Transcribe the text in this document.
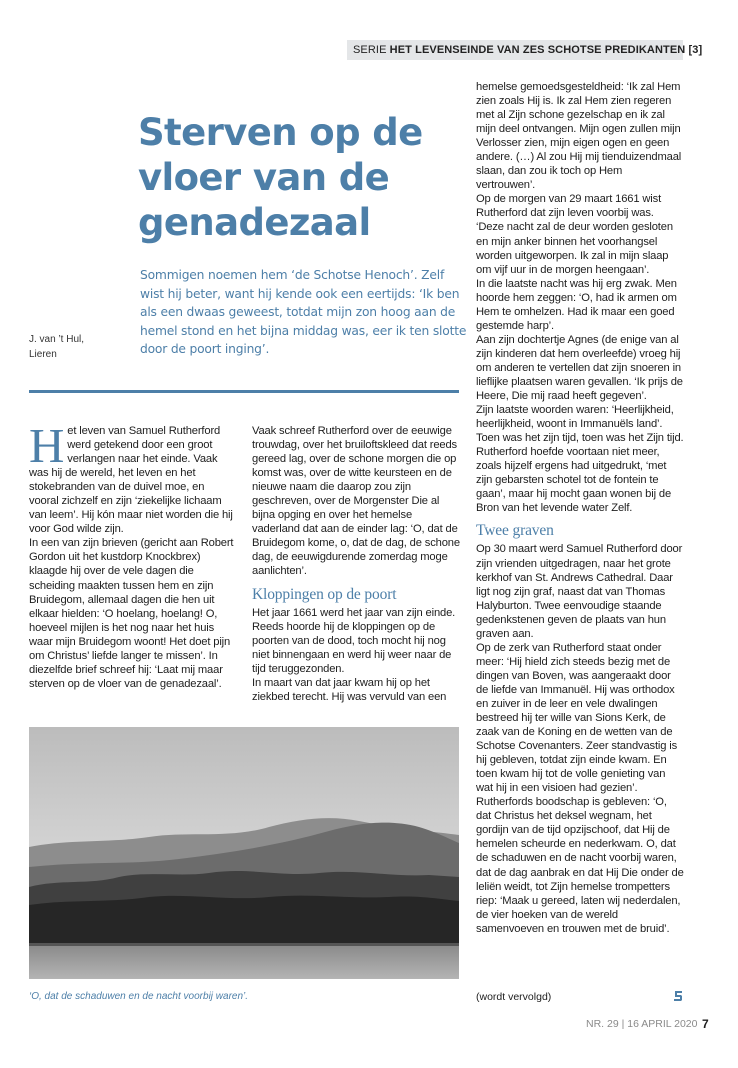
SERIE HET LEVENSEINDE VAN ZES SCHOTSE PREDIKANTEN [3]
Sterven op de
vloer van de
genadezaal
Sommigen noemen hem ‘de Schotse Henoch’. Zelf wist hij beter, want hij kende ook een eertijds: ‘Ik ben als een dwaas geweest, totdat mijn zon hoog aan de hemel stond en het bijna middag was, eer ik ten slotte door de poort inging’.
J. van ’t Hul,
Lieren

Het leven van Samuel Rutherford werd getekend door een groot verlangen naar het einde. Vaak was hij de wereld, het leven en het stokebranden van de duivel moe, en vooral zichzelf en zijn ‘ziekelijke lichaam van leem’. Hij kón maar niet worden die hij voor God wilde zijn.

In een van zijn brieven (gericht aan Robert Gordon uit het kustdorp Knockbrex) klaagde hij over de vele dagen die scheiding maakten tussen hem en zijn Bruidegom, allemaal dagen die hen uit elkaar hielden: ‘O hoelang, hoelang! O, hoeveel mijlen is het nog naar het huis waar mijn Bruidegom woont! Het doet pijn om Christus’ liefde langer te missen’. In diezelfde brief schreef hij: ‘Laat mij maar sterven op de vloer van de genadezaal’.

Vaak schreef Rutherford over de eeuwige trouwdag, over het bruiloftskleed dat reeds gereed lag, over de schone morgen die op komst was, over de witte keursteen en de nieuwe naam die daarop zou zijn geschreven, over de Morgenster Die al bijna opging en over het hemelse vaderland dat aan de einder lag: ‘O, dat de Bruidegom kome, o, dat de dag, de schone dag, de eeuwigdurende zomerdag moge aanlichten’.

Kloppingen op de poort

Het jaar 1661 werd het jaar van zijn einde. Reeds hoorde hij de kloppingen op de poorten van de dood, toch mocht hij nog niet binnengaan en werd hij weer naar de tijd teruggezonden.

In maart van dat jaar kwam hij op het ziekbed terecht. Hij was vervuld van een

hemelse gemoedsgesteldheid: ‘Ik zal Hem zien zoals Hij is. Ik zal Hem zien regeren met al Zijn schone gezelschap en ik zal mijn deel ontvangen. Mijn ogen zullen mijn Verlosser zien, mijn eigen ogen en geen andere. (…) Al zou Hij mij tienduizendmaal slaan, dan zou ik toch op Hem vertrouwen’.

Op de morgen van 29 maart 1661 wist Rutherford dat zijn leven voorbij was. ‘Deze nacht zal de deur worden gesloten en mijn anker binnen het voorhangsel worden uitgeworpen. Ik zal in mijn slaap om vijf uur in de morgen heengaan’.

In die laatste nacht was hij erg zwak. Men hoorde hem zeggen: ‘O, had ik armen om Hem te omhelzen. Had ik maar een goed gestemde harp’.

Aan zijn dochtertje Agnes (de enige van al zijn kinderen dat hem overleefde) vroeg hij om anderen te vertellen dat zijn snoeren in lieflijke plaatsen waren gevallen. ‘Ik prijs de Heere, Die mij raad heeft gegeven’.

Zijn laatste woorden waren: ‘Heerlijkheid, heerlijkheid, woont in Immanuëls land’. Toen was het zijn tijd, toen was het Zijn tijd. Rutherford hoefde voortaan niet meer, zoals hijzelf ergens had uitgedrukt, ‘met zijn gebarsten schotel tot de fontein te gaan’, maar hij mocht gaan wonen bij de Bron van het levende water Zelf.

Twee graven

Op 30 maart werd Samuel Rutherford door zijn vrienden uitgedragen, naar het grote kerkhof van St. Andrews Cathedral. Daar ligt nog zijn graf, naast dat van Thomas Halyburton. Twee eenvoudige staande gedenkstenen geven de plaats van hun graven aan.

Op de zerk van Rutherford staat onder meer: ‘Hij hield zich steeds bezig met de dingen van Boven, was aangeraakt door de liefde van Immanuël. Hij was orthodox en zuiver in de leer en vele dwalingen bestreed hij ter wille van Sions Kerk, de zaak van de Koning en de wetten van de Schotse Covenanters. Zeer standvastig is hij gebleven, totdat zijn einde kwam. En toen kwam hij tot de volle genieting van wat hij in een visioen had gezien’.

Rutherfords boodschap is gebleven: ‘O, dat Christus het deksel wegnam, het gordijn van de tijd opzijschoof, dat Hij de hemelen scheurde en nederkwam. O, dat de schaduwen en de nacht voorbij waren, dat de dag aanbrak en dat Hij Die onder de leliën weidt, tot Zijn hemelse trompetters riep: ‘Maak u gereed, laten wij nederdalen, de vier hoeken van de wereld samenvoeven en trouwen met de bruid’.

‘O, dat de schaduwen en de nacht voorbij waren’.	(wordt vervolgd)
NR. 29 | 16 APRIL 2020 7
